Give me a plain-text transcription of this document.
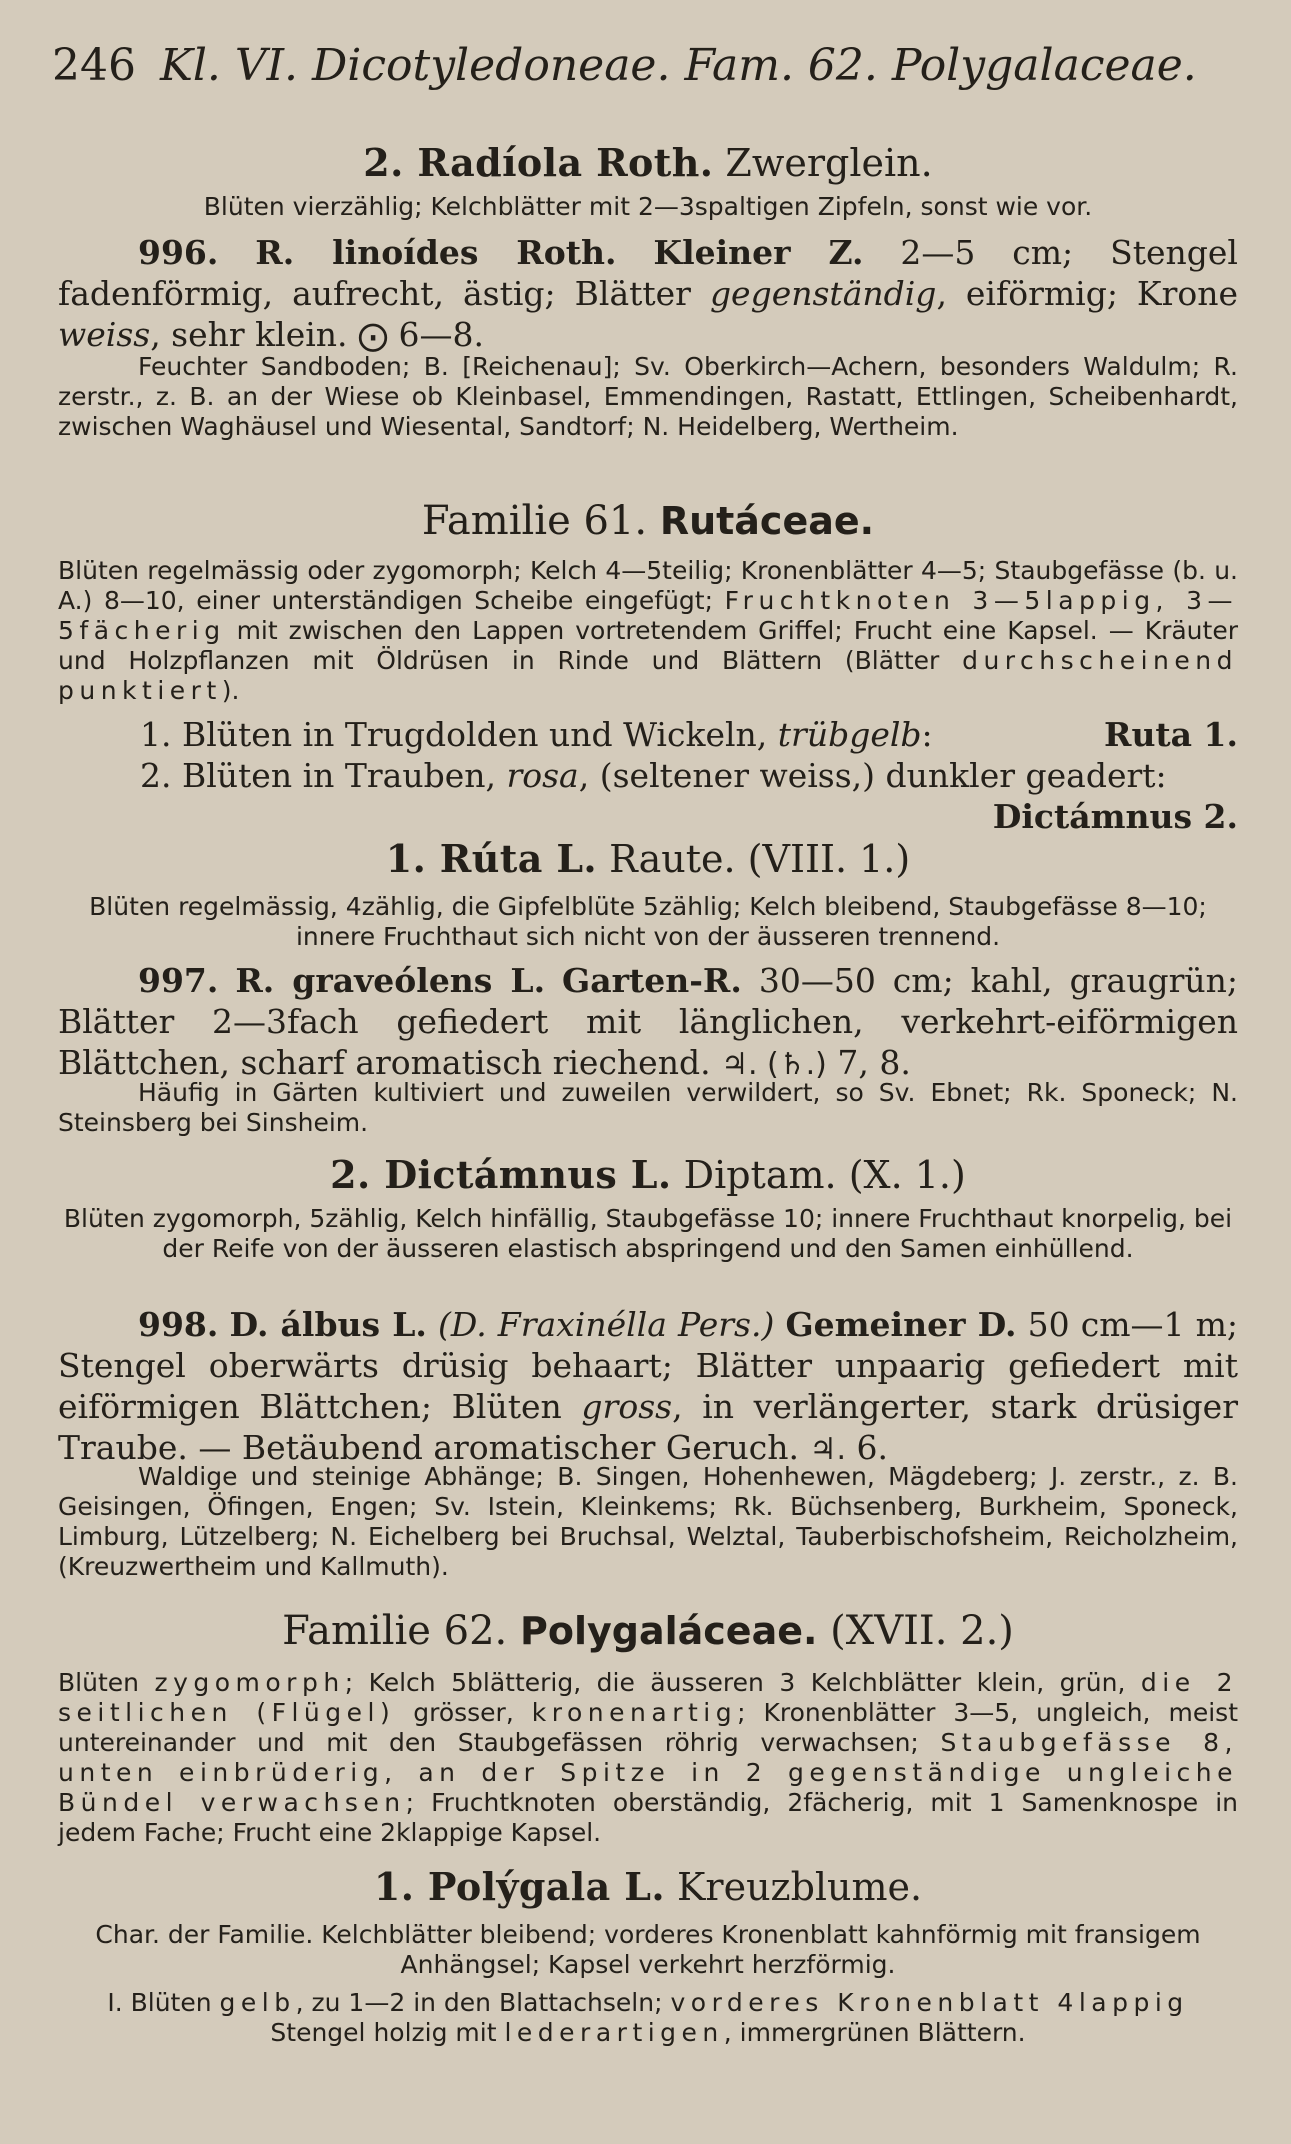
246 Kl. VI. Dicotyledoneae. Fam. 62. Polygalaceae.
2. Radíola Roth. Zwerglein.
Blüten vierzählig; Kelchblätter mit 2—3spaltigen Zipfeln, sonst wie vor.
996. R. linoídes Roth. Kleiner Z. 2—5 cm; Stengel fadenförmig, aufrecht, ästig; Blätter gegenständig, eiförmig; Krone weiss, sehr klein. ⨀ 6—8.
Feuchter Sandboden; B. [Reichenau]; Sv. Oberkirch—Achern, besonders Waldulm; R. zerstr., z. B. an der Wiese ob Kleinbasel, Emmendingen, Rastatt, Ettlingen, Scheibenhardt, zwischen Waghäusel und Wiesental, Sandtorf; N. Heidelberg, Wertheim.
Familie 61. Rutáceae.
Blüten regelmässig oder zygomorph; Kelch 4—5teilig; Kronenblätter 4—5; Staubgefässe (b. u. A.) 8—10, einer unterständigen Scheibe eingefügt; Fruchtknoten 3—5lappig, 3—5fächerig mit zwischen den Lappen vortretendem Griffel; Frucht eine Kapsel. — Kräuter und Holzpflanzen mit Öldrüsen in Rinde und Blättern (Blätter durchscheinend punktiert).
1. Blüten in Trugdolden und Wickeln, trübgelb:	Ruta 1.
2. Blüten in Trauben, rosa, (seltener weiss,) dunkler geadert:
Dictámnus 2.
1. Rúta L. Raute. (VIII. 1.)
Blüten regelmässig, 4zählig, die Gipfelblüte 5zählig; Kelch bleibend, Staubgefässe 8—10; innere Fruchthaut sich nicht von der äusseren trennend.
997. R. graveólens L. Garten-R. 30—50 cm; kahl, graugrün; Blätter 2—3fach gefiedert mit länglichen, verkehrt-eiförmigen Blättchen, scharf aromatisch riechend. ♃. (♄.) 7, 8.
Häufig in Gärten kultiviert und zuweilen verwildert, so Sv. Ebnet; Rk. Sponeck; N. Steinsberg bei Sinsheim.
2. Dictámnus L. Diptam. (X. 1.)
Blüten zygomorph, 5zählig, Kelch hinfällig, Staubgefässe 10; innere Fruchthaut knorpelig, bei der Reife von der äusseren elastisch abspringend und den Samen einhüllend.
998. D. álbus L. (D. Fraxinélla Pers.) Gemeiner D. 50 cm—1 m; Stengel oberwärts drüsig behaart; Blätter unpaarig gefiedert mit eiförmigen Blättchen; Blüten gross, in verlängerter, stark drüsiger Traube. — Betäubend aromatischer Geruch. ♃. 6.
Waldige und steinige Abhänge; B. Singen, Hohenhewen, Mägdeberg; J. zerstr., z. B. Geisingen, Öfingen, Engen; Sv. Istein, Kleinkems; Rk. Büchsenberg, Burkheim, Sponeck, Limburg, Lützelberg; N. Eichelberg bei Bruchsal, Welztal, Tauberbischofsheim, Reicholzheim, (Kreuzwertheim und Kallmuth).
Familie 62. Polygaláceae. (XVII. 2.)
Blüten zygomorph; Kelch 5blätterig, die äusseren 3 Kelchblätter klein, grün, die 2 seitlichen (Flügel) grösser, kronenartig; Kronenblätter 3—5, ungleich, meist untereinander und mit den Staubgefässen röhrig verwachsen; Staubgefässe 8, unten einbrüderig, an der Spitze in 2 gegenständige ungleiche Bündel verwachsen; Fruchtknoten oberständig, 2fächerig, mit 1 Samenknospe in jedem Fache; Frucht eine 2klappige Kapsel.
1. Polýgala L. Kreuzblume.
Char. der Familie. Kelchblätter bleibend; vorderes Kronenblatt kahnförmig mit fransigem Anhängsel; Kapsel verkehrt herzförmig.
I. Blüten gelb, zu 1—2 in den Blattachseln; vorderes Kronenblatt 4lappig
Stengel holzig mit lederartigen, immergrünen Blättern.
